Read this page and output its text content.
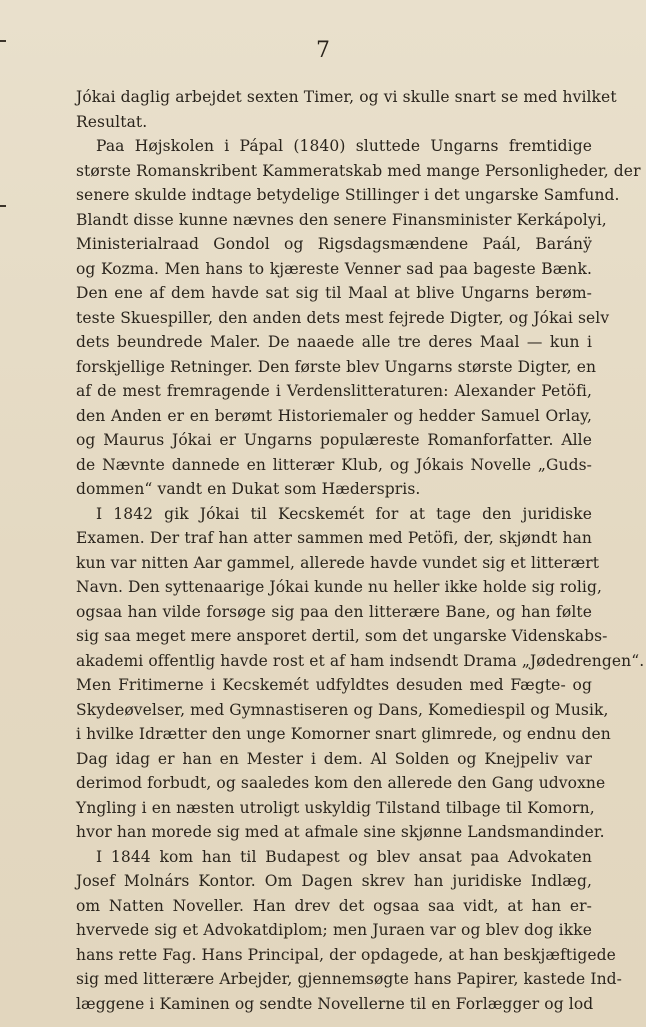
7
Jókai daglig arbejdet sexten Timer, og vi skulle snart se med hvilket
Resultat.
Paa Højskolen i Pápal (1840) sluttede Ungarns fremtidige
største Romanskribent Kammeratskab med mange Personligheder, der
senere skulde indtage betydelige Stillinger i det ungarske Samfund.
Blandt disse kunne nævnes den senere Finansminister Kerkápolyi,
Ministerialraad Gondol og Rigsdagsmændene Paál, Baránÿ
og Kozma. Men hans to kjæreste Venner sad paa bageste Bænk.
Den ene af dem havde sat sig til Maal at blive Ungarns berøm-
teste Skuespiller, den anden dets mest fejrede Digter, og Jókai selv
dets beundrede Maler. De naaede alle tre deres Maal — kun i
forskjellige Retninger. Den første blev Ungarns største Digter, en
af de mest fremragende i Verdenslitteraturen: Alexander Petöfi,
den Anden er en berømt Historiemaler og hedder Samuel Orlay,
og Maurus Jókai er Ungarns populæreste Romanforfatter. Alle
de Nævnte dannede en litterær Klub, og Jókais Novelle „Guds-
dommen“ vandt en Dukat som Hæderspris.
I 1842 gik Jókai til Kecskemét for at tage den juridiske
Examen. Der traf han atter sammen med Petöfi, der, skjøndt han
kun var nitten Aar gammel, allerede havde vundet sig et litterært
Navn. Den syttenaarige Jókai kunde nu heller ikke holde sig rolig,
ogsaa han vilde forsøge sig paa den litterære Bane, og han følte
sig saa meget mere ansporet dertil, som det ungarske Videnskabs-
akademi offentlig havde rost et af ham indsendt Drama „Jødedrengen“.
Men Fritimerne i Kecskemét udfyldtes desuden med Fægte- og
Skydeøvelser, med Gymnastiseren og Dans, Komediespil og Musik,
i hvilke Idrætter den unge Komorner snart glimrede, og endnu den
Dag idag er han en Mester i dem. Al Solden og Knejpeliv var
derimod forbudt, og saaledes kom den allerede den Gang udvoxne
Yngling i en næsten utroligt uskyldig Tilstand tilbage til Komorn,
hvor han morede sig med at afmale sine skjønne Landsmandinder.
I 1844 kom han til Budapest og blev ansat paa Advokaten
Josef Molnárs Kontor. Om Dagen skrev han juridiske Indlæg,
om Natten Noveller. Han drev det ogsaa saa vidt, at han er-
hvervede sig et Advokatdiplom; men Juraen var og blev dog ikke
hans rette Fag. Hans Principal, der opdagede, at han beskjæftigede
sig med litterære Arbejder, gjennemsøgte hans Papirer, kastede Ind-
læggene i Kaminen og sendte Novellerne til en Forlægger og lod
